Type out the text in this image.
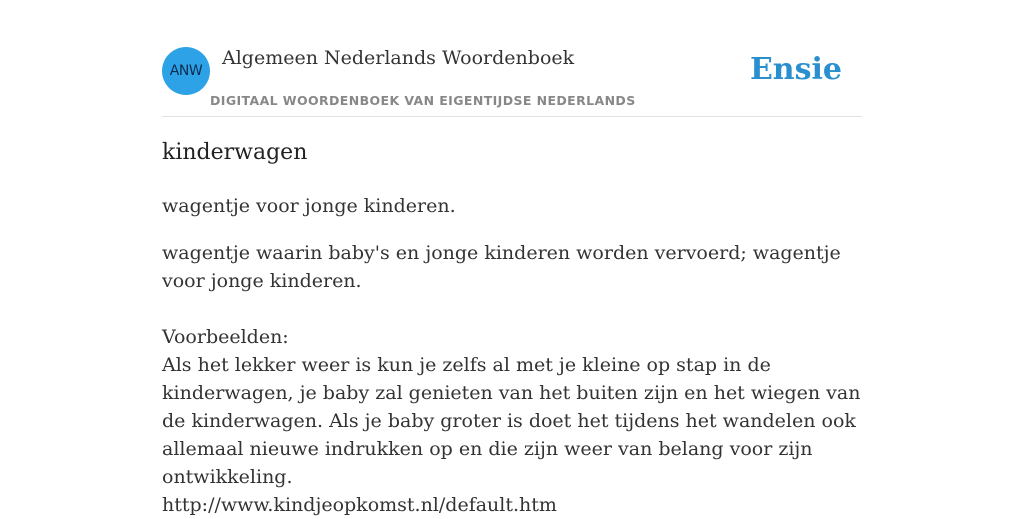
ANW
Algemeen Nederlands Woordenboek
DIGITAAL WOORDENBOEK VAN EIGENTIJDSE NEDERLANDS
Ensie
kinderwagen
wagentje voor jonge kinderen.
wagentje waarin baby's en jonge kinderen worden vervoerd; wagentje voor jonge kinderen.
Voorbeelden:
Als het lekker weer is kun je zelfs al met je kleine op stap in de kinderwagen, je baby zal genieten van het buiten zijn en het wiegen van de kinderwagen. Als je baby groter is doet het tijdens het wandelen ook allemaal nieuwe indrukken op en die zijn weer van belang voor zijn ontwikkeling.
http://www.kindjeopkomst.nl/default.htm
